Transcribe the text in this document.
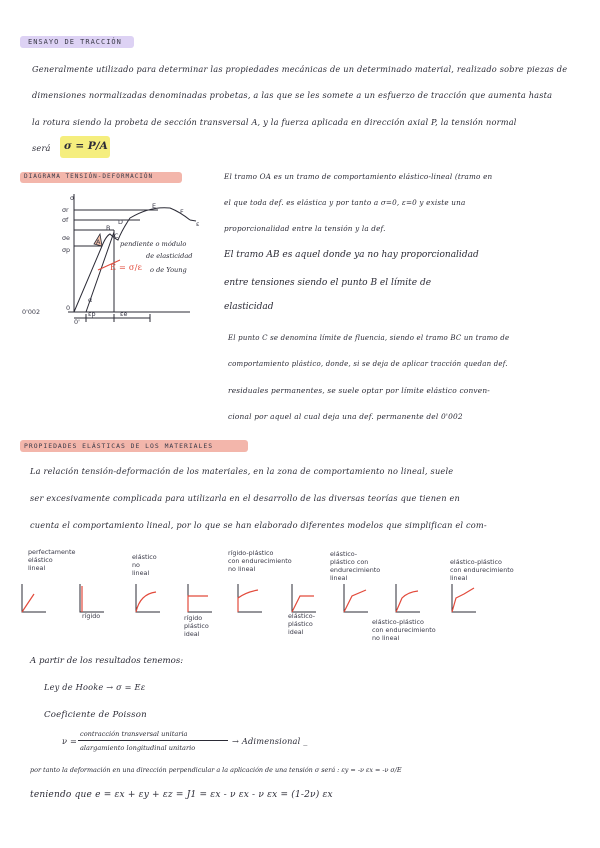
ENSAYO DE TRACCIÓN
Generalmente utilizado para determinar las propiedades mecánicas de un determinado material, realizado sobre piezas de
dimensiones normalizadas denominadas probetas, a las que se les somete a un esfuerzo de tracción que aumenta hasta
la rotura siendo la probeta de sección transversal A, y la fuerza aplicada en dirección axial P, la tensión normal
será σ = P/A
DIAGRAMA TENSIÓN-DEFORMACIÓN
σ
σr
σf
σe
σp
0
0'
ε
A
B
C
D
E
F
α
εp	εe
0'002
pendiente o módulo
de elasticidad
o de Young
E = σ/ε
El tramo OA es un tramo de comportamiento elástico-lineal (tramo en
el que toda def. es elástica y por tanto a σ=0, ε=0 y existe una
proporcionalidad entre la tensión y la def.
El tramo AB es aquel donde ya no hay proporcionalidad
entre tensiones siendo el punto B el límite de
elasticidad
El punto C se denomina límite de fluencia, siendo el tramo BC un tramo de
comportamiento plástico, donde, si se deja de aplicar tracción quedan def.
residuales permanentes, se suele optar por límite elástico conven-
cional por aquel al cual deja una def. permanente del 0'002
PROPIEDADES ELÁSTICAS DE LOS MATERIALES
La relación tensión-deformación de los materiales, en la zona de comportamiento no lineal, suele
ser excesivamente complicada para utilizarla en el desarrollo de las diversas teorías que tienen en
cuenta el comportamiento lineal, por lo que se han elaborado diferentes modelos que simplifican el com-
perfectamente
elástico
lineal
rígido
elástico
no
lineal
rígido
plástico
ideal
rígido-plástico
con endurecimiento
no lineal
elástico-
plástico
ideal
elástico-
plástico con
endurecimiento
lineal
elástico-plástico
con endurecimiento
no lineal
elástico-plástico
con endurecimiento
lineal
A partir de los resultados tenemos:
Ley de Hooke → σ = Eε
Coeficiente de Poisson
ν =
contracción transversal unitaria
alargamiento longitudinal unitario
→ Adimensional _
por tanto la deformación en una dirección perpendicular a la aplicación de una tensión σ será : εy = -ν εx = -ν σ/E
teniendo que e = εx + εy + εz = J1 = εx - ν εx - ν εx = (1-2ν) εx
